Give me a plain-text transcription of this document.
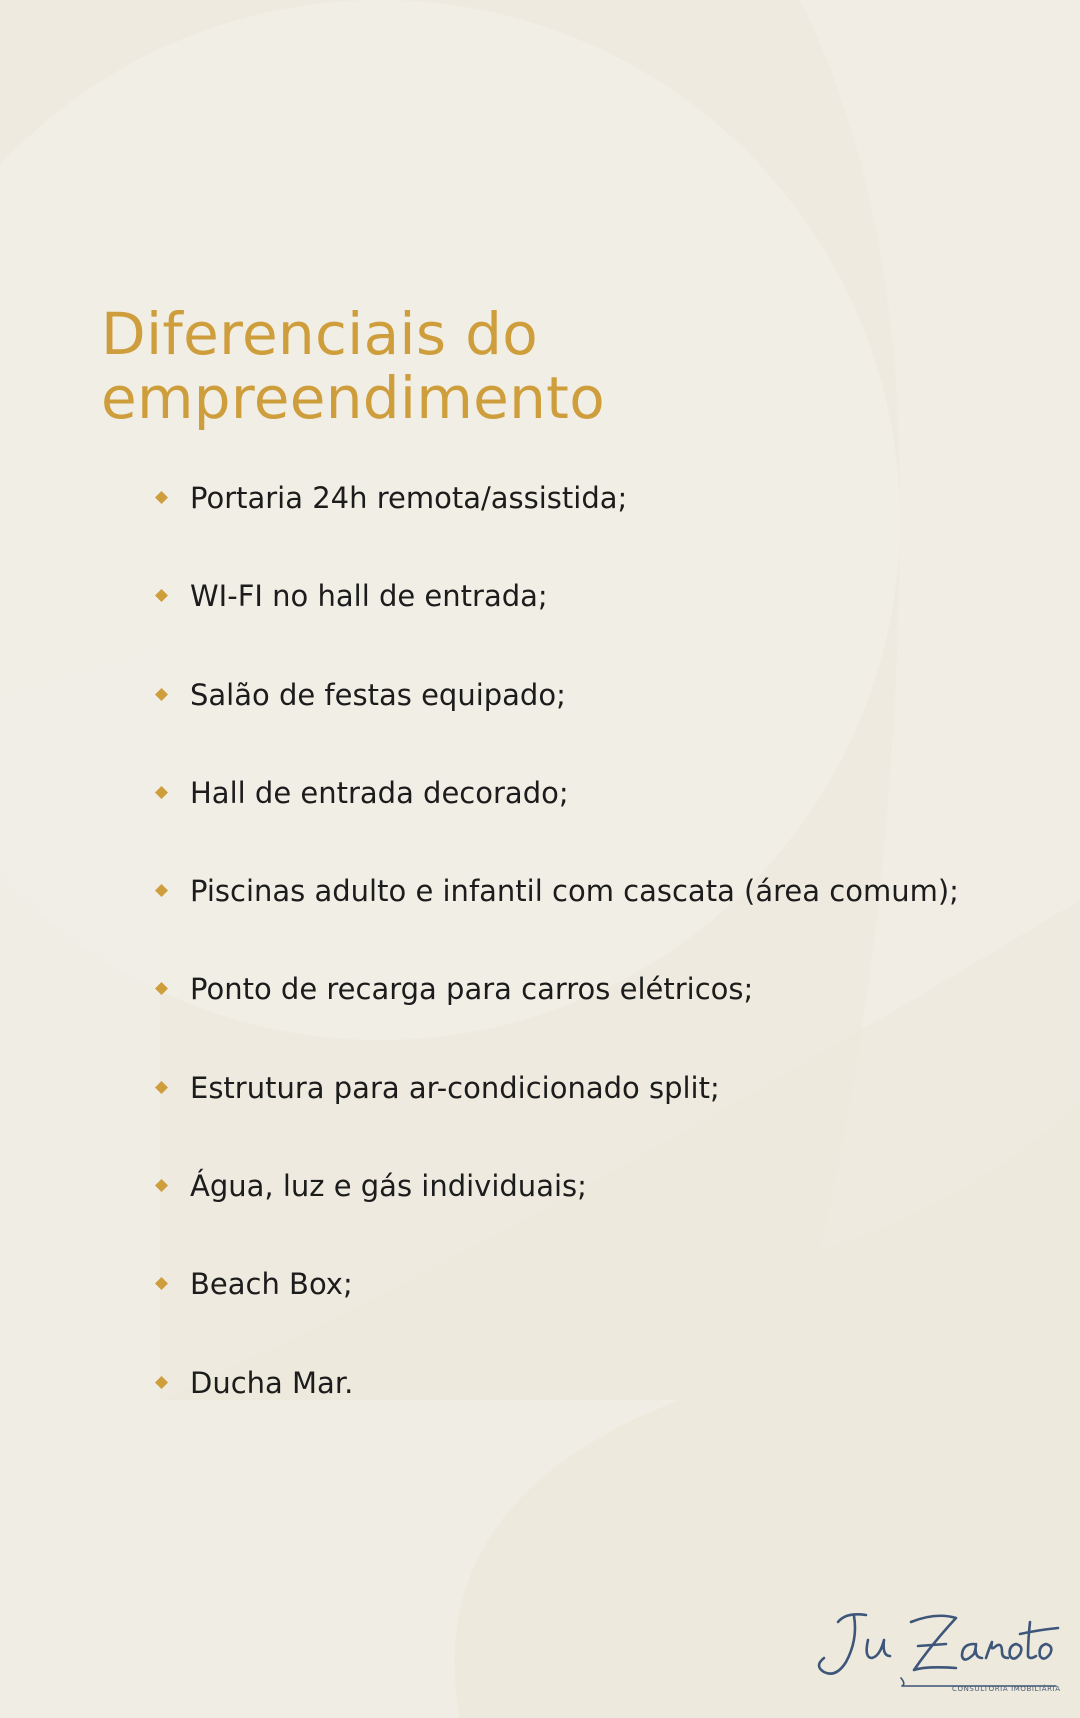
Diferenciais do
empreendimento
Portaria 24h remota/assistida;
WI-FI no hall de entrada;
Salão de festas equipado;
Hall de entrada decorado;
Piscinas adulto e infantil com cascata (área comum);
Ponto de recarga para carros elétricos;
Estrutura para ar-condicionado split;
Água, luz e gás individuais;
Beach Box;
Ducha Mar.
CONSULTORIA IMOBILIÁRIA
